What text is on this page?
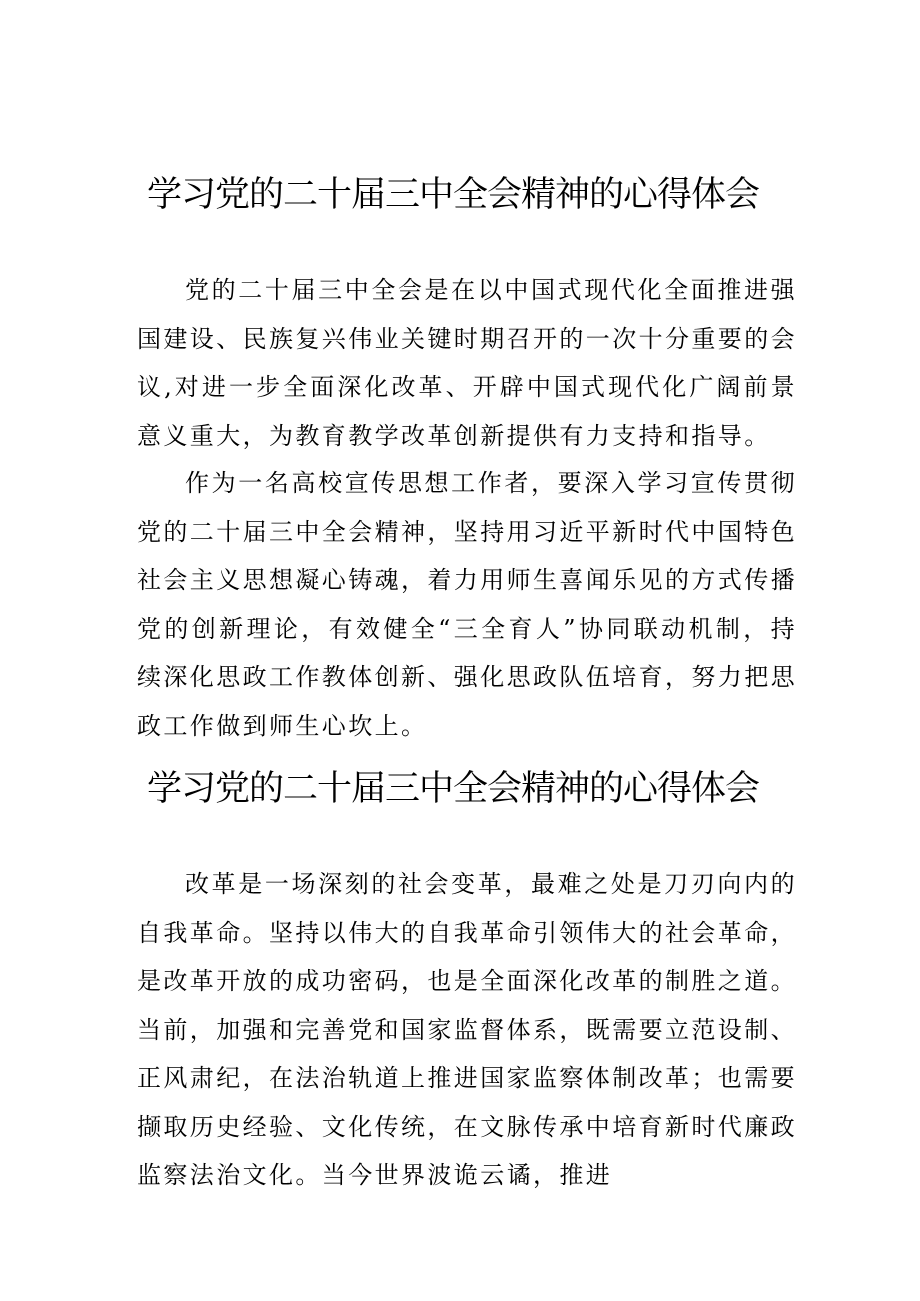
学习党的二十届三中全会精神的心得体会

党的二十届三中全会是在以中国式现代化全面推进强国建设、民族复兴伟业关键时期召开的一次十分重要的会议,对进一步全面深化改革、开辟中国式现代化广阔前景意义重大，为教育教学改革创新提供有力支持和指导。

作为一名高校宣传思想工作者，要深入学习宣传贯彻党的二十届三中全会精神，坚持用习近平新时代中国特色社会主义思想凝心铸魂，着力用师生喜闻乐见的方式传播党的创新理论，有效健全“三全育人”协同联动机制，持续深化思政工作教体创新、强化思政队伍培育，努力把思政工作做到师生心坎上。

学习党的二十届三中全会精神的心得体会

改革是一场深刻的社会变革，最难之处是刀刃向内的自我革命。坚持以伟大的自我革命引领伟大的社会革命，是改革开放的成功密码，也是全面深化改革的制胜之道。当前，加强和完善党和国家监督体系，既需要立范设制、正风肃纪，在法治轨道上推进国家监察体制改革；也需要撷取历史经验、文化传统，在文脉传承中培育新时代廉政监察法治文化。当今世界波诡云谲，推进
